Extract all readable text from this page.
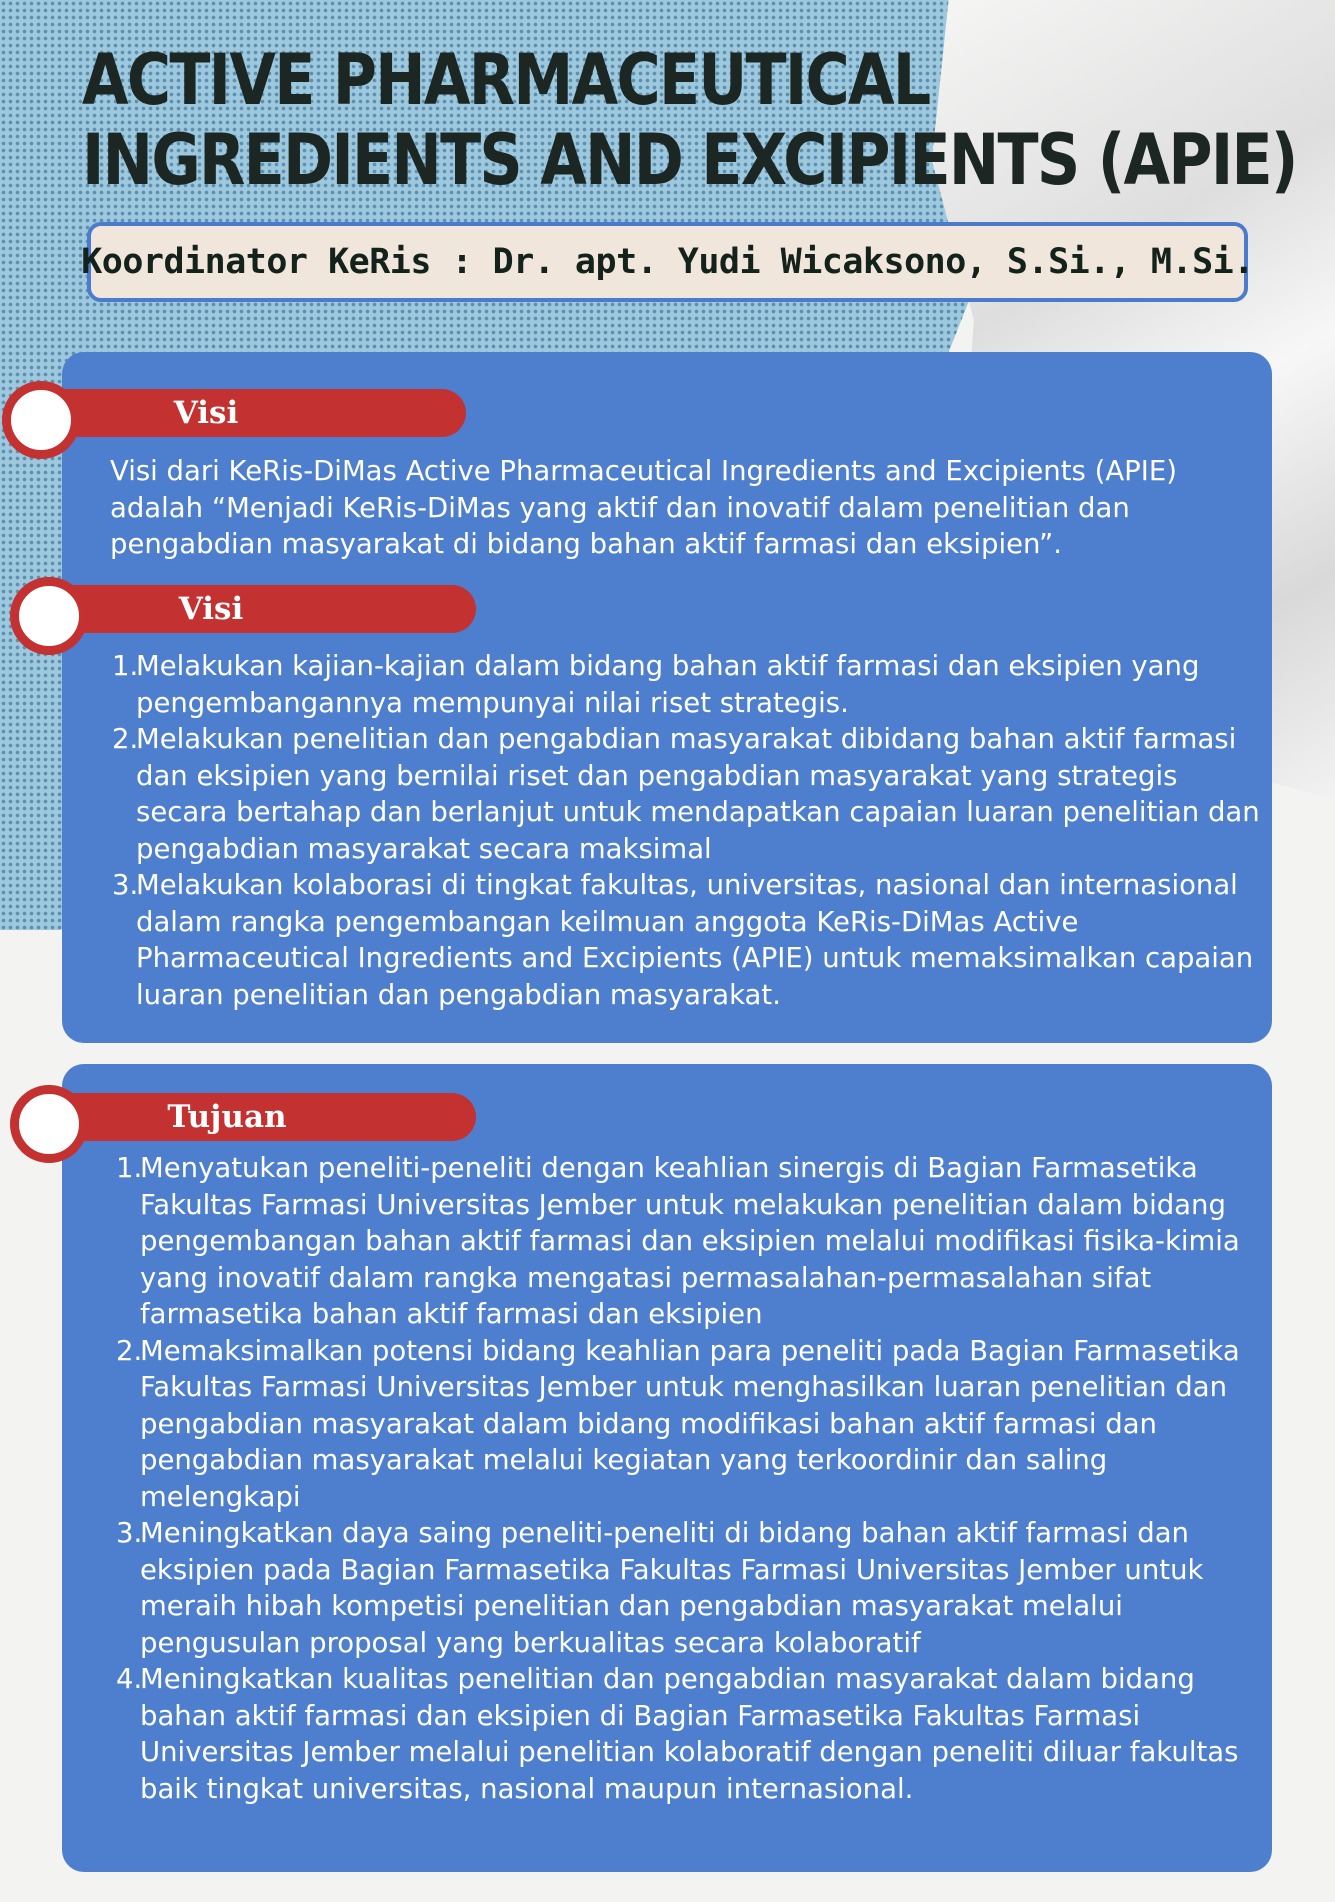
ACTIVE PHARMACEUTICAL
INGREDIENTS AND EXCIPIENTS (APIE)
Koordinator KeRis : Dr. apt. Yudi Wicaksono, S.Si., M.Si.
Visi

Visi dari KeRis-DiMas Active Pharmaceutical Ingredients and Excipients (APIE) adalah “Menjadi KeRis-DiMas yang aktif dan inovatif dalam penelitian dan pengabdian masyarakat di bidang bahan aktif farmasi dan eksipien”.

Visi
1.
Melakukan kajian-kajian dalam bidang bahan aktif farmasi dan eksipien yang pengembangannya mempunyai nilai riset strategis.
2.
Melakukan penelitian dan pengabdian masyarakat dibidang bahan aktif farmasi dan eksipien yang bernilai riset dan pengabdian masyarakat yang strategis secara bertahap dan berlanjut untuk mendapatkan capaian luaran penelitian dan pengabdian masyarakat secara maksimal
3.
Melakukan kolaborasi di tingkat fakultas, universitas, nasional dan internasional dalam rangka pengembangan keilmuan anggota KeRis-DiMas Active Pharmaceutical Ingredients and Excipients (APIE) untuk memaksimalkan capaian luaran penelitian dan pengabdian masyarakat.
Tujuan
1.
Menyatukan peneliti-peneliti dengan keahlian sinergis di Bagian Farmasetika Fakultas Farmasi Universitas Jember untuk melakukan penelitian dalam bidang pengembangan bahan aktif farmasi dan eksipien melalui modifikasi fisika-kimia yang inovatif dalam rangka mengatasi permasalahan-permasalahan sifat farmasetika bahan aktif farmasi dan eksipien
2.
Memaksimalkan potensi bidang keahlian para peneliti pada Bagian Farmasetika Fakultas Farmasi Universitas Jember untuk menghasilkan luaran penelitian dan pengabdian masyarakat dalam bidang modifikasi bahan aktif farmasi dan pengabdian masyarakat melalui kegiatan yang terkoordinir dan saling melengkapi
3.
Meningkatkan daya saing peneliti-peneliti di bidang bahan aktif farmasi dan eksipien pada Bagian Farmasetika Fakultas Farmasi Universitas Jember untuk meraih hibah kompetisi penelitian dan pengabdian masyarakat melalui pengusulan proposal yang berkualitas secara kolaboratif
4.
Meningkatkan kualitas penelitian dan pengabdian masyarakat dalam bidang bahan aktif farmasi dan eksipien di Bagian Farmasetika Fakultas Farmasi Universitas Jember melalui penelitian kolaboratif dengan peneliti diluar fakultas baik tingkat universitas, nasional maupun internasional.
